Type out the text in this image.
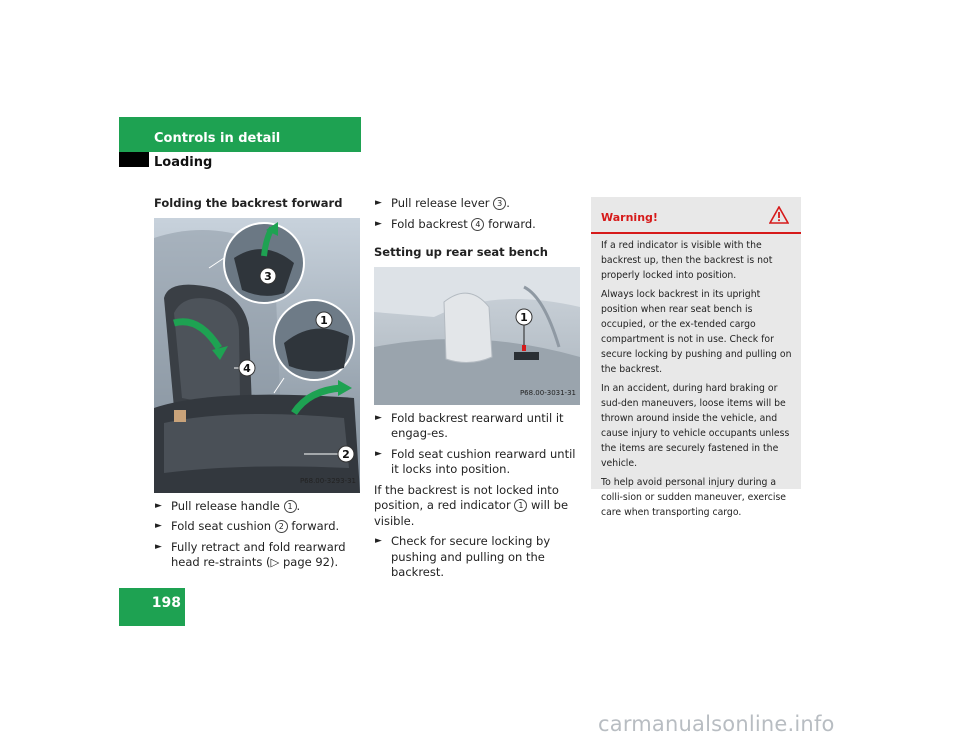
Controls in detail
Loading
Folding the backrest forward
3
1
4
2
P68.00-3293-31
► Pull release handle 1 .
► Fold seat cushion 2 forward.
► Fully retract and fold rearward head re-straints (▷ page 92).
► Pull release lever 3 .
► Fold backrest 4 forward.
Setting up rear seat bench
1
P68.00-3031-31
► Fold backrest rearward until it engag-es.
► Fold seat cushion rearward until it locks into position.

If the backrest is not locked into position, a red indicator 1 will be visible.

► Check for secure locking by pushing and pulling on the backrest.
Warning!

If a red indicator is visible with the backrest up, then the backrest is not properly locked into position.

Always lock backrest in its upright position when rear seat bench is occupied, or the ex-tended cargo compartment is not in use. Check for secure locking by pushing and pulling on the backrest.

In an accident, during hard braking or sud-den maneuvers, loose items will be thrown around inside the vehicle, and cause injury to vehicle occupants unless the items are securely fastened in the vehicle.

To help avoid personal injury during a colli-sion or sudden maneuver, exercise care when transporting cargo.

198
carmanualsonline.info
